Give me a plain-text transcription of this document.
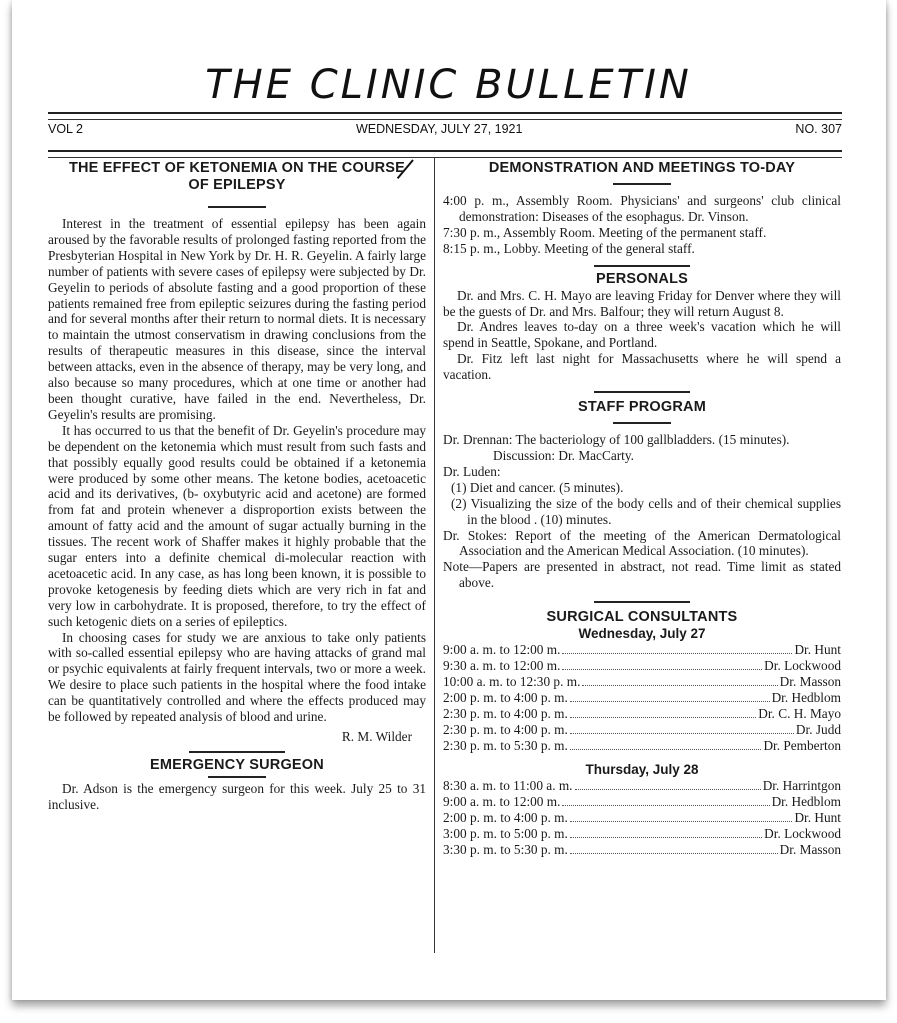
THE CLINIC BULLETIN
VOL 2	WEDNESDAY, JULY 27, 1921	NO. 307
THE EFFECT OF KETONEMIA ON THE COURSE OF EPILEPSY

Interest in the treatment of essential epilepsy has been again aroused by the favorable results of prolonged fasting reported from the Presbyterian Hospital in New York by Dr. H. R. Geyelin. A fairly large number of patients with severe cases of epilepsy were subjected by Dr. Geyelin to periods of absolute fasting and a good proportion of these patients remained free from epileptic seizures during the fasting period and for several months after their return to normal diets. It is necessary to maintain the utmost conservatism in drawing conclusions from the results of therapeutic measures in this disease, since the interval between attacks, even in the absence of therapy, may be very long, and also because so many procedures, which at one time or another had been thought curative, have failed in the end. Nevertheless, Dr. Geyelin's results are promising.

It has occurred to us that the benefit of Dr. Geyelin's procedure may be dependent on the ketonemia which must result from such fasts and that possibly equally good results could be obtained if a ketonemia were produced by some other means. The ketone bodies, acetoacetic acid and its derivatives, (b- oxybutyric acid and acetone) are formed from fat and protein whenever a disproportion exists between the amount of fatty acid and the amount of sugar actually burning in the tissues. The recent work of Shaffer makes it highly probable that the sugar enters into a definite chemical di-molecular reaction with acetoacetic acid. In any case, as has long been known, it is possible to provoke ketogenesis by feeding diets which are very rich in fat and very low in carbohydrate. It is proposed, therefore, to try the effect of such ketogenic diets on a series of epileptics.

In choosing cases for study we are anxious to take only patients with so-called essential epilepsy who are having attacks of grand mal or psychic equivalents at fairly frequent intervals, two or more a week. We desire to place such patients in the hospital where the food intake can be quantitatively controlled and where the effects produced may be followed by repeated analysis of blood and urine.

R. M. Wilder
EMERGENCY SURGEON

Dr. Adson is the emergency surgeon for this week. July 25 to 31 inclusive.

DEMONSTRATION AND MEETINGS TO-DAY
4:00 p. m., Assembly Room. Physicians' and surgeons' club clinical demonstration: Diseases of the esophagus. Dr. Vinson.
7:30 p. m., Assembly Room. Meeting of the permanent staff.
8:15 p. m., Lobby. Meeting of the general staff.
PERSONALS

Dr. and Mrs. C. H. Mayo are leaving Friday for Denver where they will be the guests of Dr. and Mrs. Balfour; they will return August 8.

Dr. Andres leaves to-day on a three week's vacation which he will spend in Seattle, Spokane, and Portland.

Dr. Fitz left last night for Massachusetts where he will spend a vacation.

STAFF PROGRAM
Dr. Drennan: The bacteriology of 100 gallbladders. (15 minutes).
Discussion: Dr. MacCarty.
Dr. Luden:
(1) Diet and cancer. (5 minutes).
(2) Visualizing the size of the body cells and of their chemical supplies in the blood . (10) minutes.
Dr. Stokes: Report of the meeting of the American Dermatological Association and the American Medical Association. (10 minutes).
Note—Papers are presented in abstract, not read. Time limit as stated above.
SURGICAL CONSULTANTS
Wednesday, July 27
9:00 a. m. to 12:00 m.	Dr. Hunt
9:30 a. m. to 12:00 m.	Dr. Lockwood
10:00 a. m. to 12:30 p. m.	Dr. Masson
2:00 p. m. to 4:00 p. m.	Dr. Hedblom
2:30 p. m. to 4:00 p. m.	Dr. C. H. Mayo
2:30 p. m. to 4:00 p. m.	Dr. Judd
2:30 p. m. to 5:30 p. m.	Dr. Pemberton
Thursday, July 28
8:30 a. m. to 11:00 a. m.	Dr. Harrintgon
9:00 a. m. to 12:00 m.	Dr. Hedblom
2:00 p. m. to 4:00 p. m.	Dr. Hunt
3:00 p. m. to 5:00 p. m.	Dr. Lockwood
3:30 p. m. to 5:30 p. m.	Dr. Masson
